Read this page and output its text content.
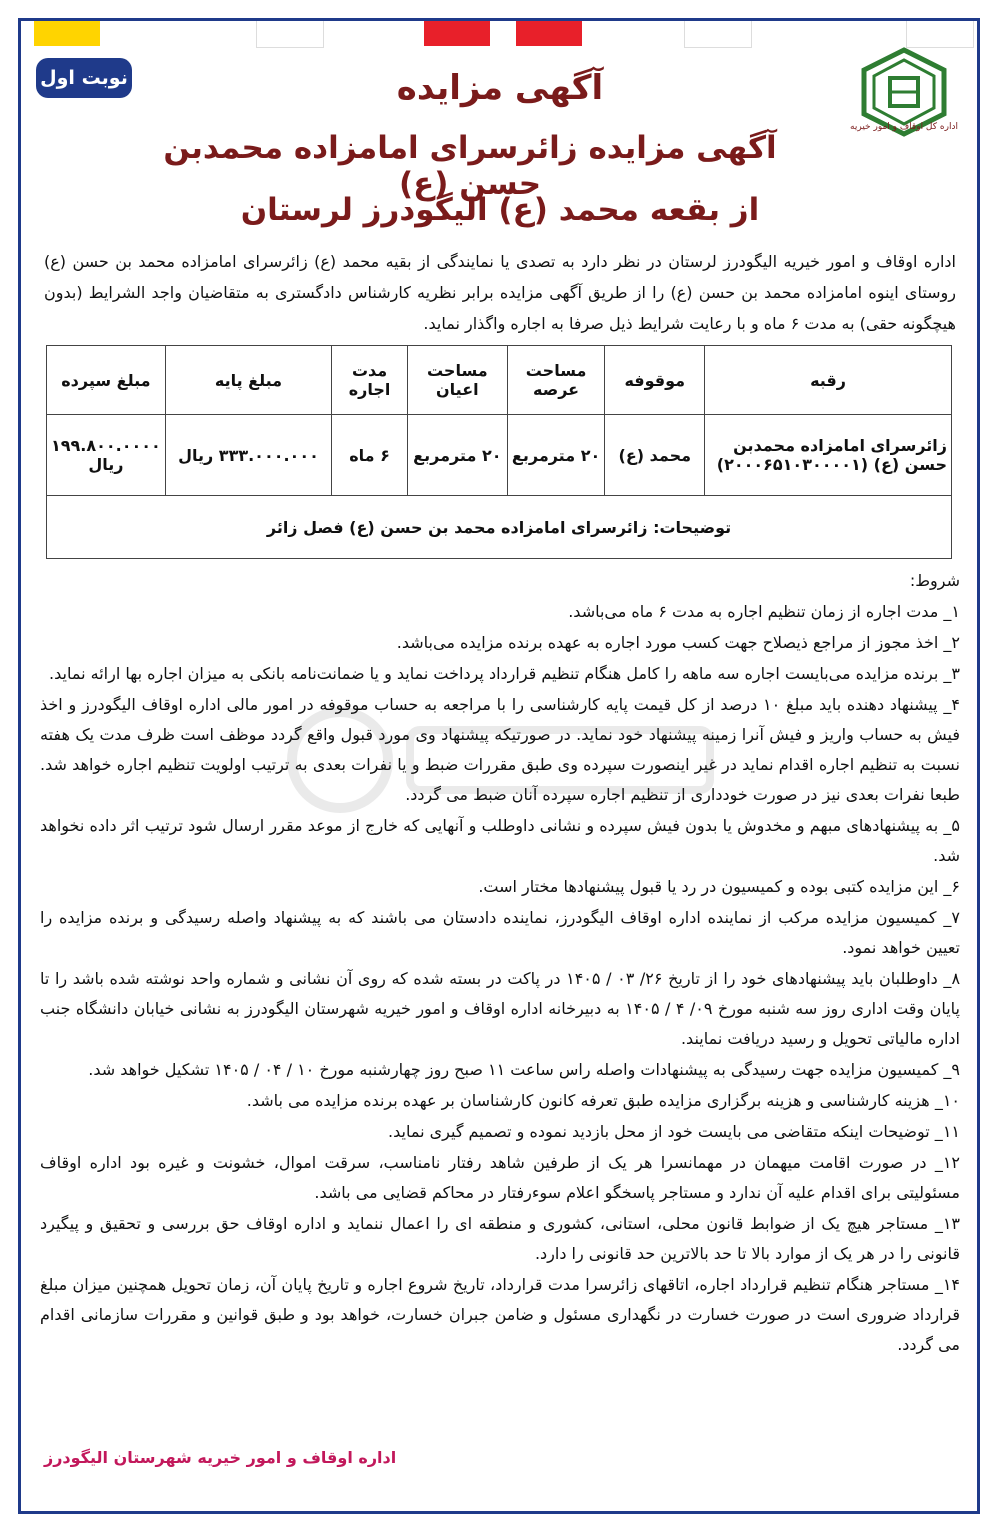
نوبت اول
اداره کل اوقاف و امور خیریه
آگهی مزایده
آگهی مزایده زائرسرای امامزاده محمدبن حسن (ع)
از بقعه محمد (ع) الیگودرز لرستان
اداره اوقاف و امور خیریه الیگودرز لرستان در نظر دارد به تصدی یا نمایندگی از بقیه محمد (ع) زائرسرای امامزاده محمد بن حسن (ع) روستای اینوه امامزاده محمد بن حسن (ع) را از طریق آگهی مزایده برابر نظریه کارشناس دادگستری به متقاضیان واجد الشرایط (بدون هیچگونه حقی) به مدت ۶ ماه و با رعایت شرایط ذیل صرفا به اجاره واگذار نماید.
رقبه	موقوفه	مساحت عرصه	مساحت اعیان	مدت اجاره	مبلغ پایه	مبلغ سپرده
زائرسرای امامزاده محمدبن حسن (ع) (۲۰۰۰۶۵۱۰۳۰۰۰۰۱)	محمد (ع)	۲۰ مترمربع	۲۰ مترمربع	۶ ماه	۳۳۳.۰۰۰.۰۰۰ ریال	۱۹۹.۸۰۰.۰۰۰۰ ریال
توضیحات: زائرسرای امامزاده محمد بن حسن (ع) فصل زائر						

شروط:

۱_ مدت اجاره از زمان تنظیم اجاره به مدت ۶ ماه می‌باشد.

۲_ اخذ مجوز از مراجع ذیصلاح جهت کسب مورد اجاره به عهده برنده مزایده می‌باشد.

۳_ برنده مزایده می‌بایست اجاره سه ماهه را کامل هنگام تنظیم قرارداد پرداخت نماید و یا ضمانت‌نامه بانکی به میزان اجاره بها ارائه نماید.

۴_ پیشنهاد دهنده باید مبلغ ۱۰ درصد از کل قیمت پایه کارشناسی را با مراجعه به حساب موقوفه در امور مالی اداره اوقاف الیگودرز و اخذ فیش به حساب واریز و فیش آنرا زمینه پیشنهاد خود نماید. در صورتیکه پیشنهاد وی مورد قبول واقع گردد موظف است ظرف مدت یک هفته نسبت به تنظیم اجاره اقدام نماید در غیر اینصورت سپرده وی طبق مقررات ضبط و یا نفرات بعدی به ترتیب اولویت تنظیم اجاره خواهد شد. طبعا نفرات بعدی نیز در صورت خودداری از تنظیم اجاره سپرده آنان ضبط می گردد.

۵_ به پیشنهادهای مبهم و مخدوش یا بدون فیش سپرده و نشانی داوطلب و آنهایی که خارج از موعد مقرر ارسال شود ترتیب اثر داده نخواهد شد.

۶_ این مزایده کتبی بوده و کمیسیون در رد یا قبول پیشنهادها مختار است.

۷_ کمیسیون مزایده مرکب از نماینده اداره اوقاف الیگودرز، نماینده دادستان می باشند که به پیشنهاد واصله رسیدگی و برنده مزایده را تعیین خواهد نمود.

۸_ داوطلبان باید پیشنهادهای خود را از تاریخ ۲۶/ ۰۳ / ۱۴۰۵ در پاکت در بسته شده که روی آن نشانی و شماره واحد نوشته شده باشد را تا پایان وقت اداری روز سه شنبه مورخ ۰۹/ ۴ / ۱۴۰۵ به دبیرخانه اداره اوقاف و امور خیریه شهرستان الیگودرز به نشانی خیابان دانشگاه جنب اداره مالیاتی تحویل و رسید دریافت نمایند.

۹_ کمیسیون مزایده جهت رسیدگی به پیشنهادات واصله راس ساعت ۱۱ صبح روز چهارشنبه مورخ ۱۰ / ۰۴ / ۱۴۰۵ تشکیل خواهد شد.

۱۰_ هزینه کارشناسی و هزینه برگزاری مزایده طبق تعرفه کانون کارشناسان بر عهده برنده مزایده می باشد.

۱۱_ توضیحات اینکه متقاضی می بایست خود از محل بازدید نموده و تصمیم گیری نماید.

۱۲_ در صورت اقامت میهمان در مهمانسرا هر یک از طرفین شاهد رفتار نامناسب، سرقت اموال، خشونت و غیره بود اداره اوقاف مسئولیتی برای اقدام علیه آن ندارد و مستاجر پاسخگو اعلام سوءرفتار در محاکم قضایی می باشد.

۱۳_ مستاجر هیچ یک از ضوابط قانون محلی، استانی، کشوری و منطقه ای را اعمال ننماید و اداره اوقاف حق بررسی و تحقیق و پیگیرد قانونی را در هر یک از موارد بالا تا حد بالاترین حد قانونی را دارد.

۱۴_ مستاجر هنگام تنظیم قرارداد اجاره، اتاقهای زائرسرا مدت قرارداد، تاریخ شروع اجاره و تاریخ پایان آن، زمان تحویل همچنین میزان مبلغ قرارداد ضروری است در صورت خسارت در نگهداری مسئول و ضامن جبران خسارت، خواهد بود و طبق قوانین و مقررات سازمانی اقدام می گردد.

اداره اوقاف و امور خیریه شهرستان الیگودرز
